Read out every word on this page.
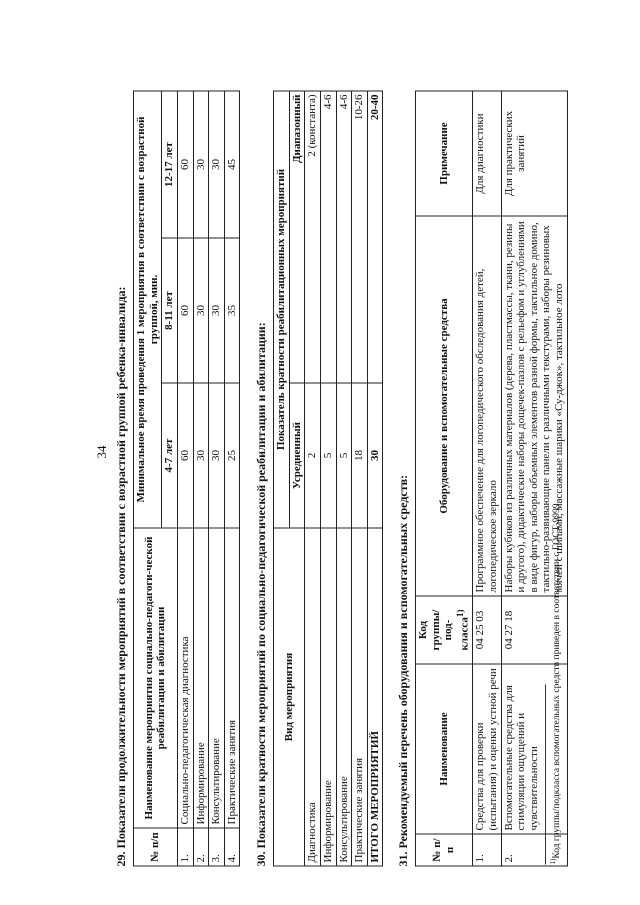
34 29. Показатели продолжительности мероприятий в соответствии с возрастной группой ребенка-инвалида: № п/п	Наименование мероприятия социально-педагоги-ческой реабилитации и абилитации	Минимальное время проведения 1 мероприятия в соответствии с возрастной группой, мин.		
		4-7 лет	8-11 лет	12-17 лет
1.	Социально-педагогическая диагностика	60	60	60
2.	Информирование	30	30	30
3.	Консультирование	30	30	30
4.	Практические занятия	25	35	45
30. Показатели кратности мероприятий по социально-педагогической реабилитации и абилитации: Вид мероприятия	Показатель кратности реабилитационных мероприятий	
	Усредненный	Диапазонный
Диагностика	2	2 (константа)
Информирование	5	4-6
Консультирование	5	4-6
Практические занятия	18	10-26
ИТОГО МЕРОПРИЯТИЙ	30	20-40
31. Рекомендуемый перечень оборудования и вспомогательных средств: № п/п	Наименование	Код группы/под-класса$^{1)}$	Оборудование и вспомогательные средства	Примечание
1.	Средства для проверки (испытания) и оценки устной речи	04 25 03	Программное обеспечение для логопедического обследования детей, логопедическое зеркало	Для диагностики
2.	Вспомогательные средства для стимуляции ощущений и чувствительности	04 27 18	Наборы кубиков из различных материалов (дерева, пластмассы, ткани, резины и другого), дидактические наборы дощечек-пазлов с рельефом и углублениями в виде фигур, наборы объемных элементов разной формы, тактильное домино, тактильно-развивающие панели с различными текстурами, наборы резиновых мячей с шипами, массажные шарики «Су-джок», тактильное лото	Для практических занятий
$^{1)}$Код группы/подкласса вспомогательных средств приведен в соответствии с ГОСТ-9999.
